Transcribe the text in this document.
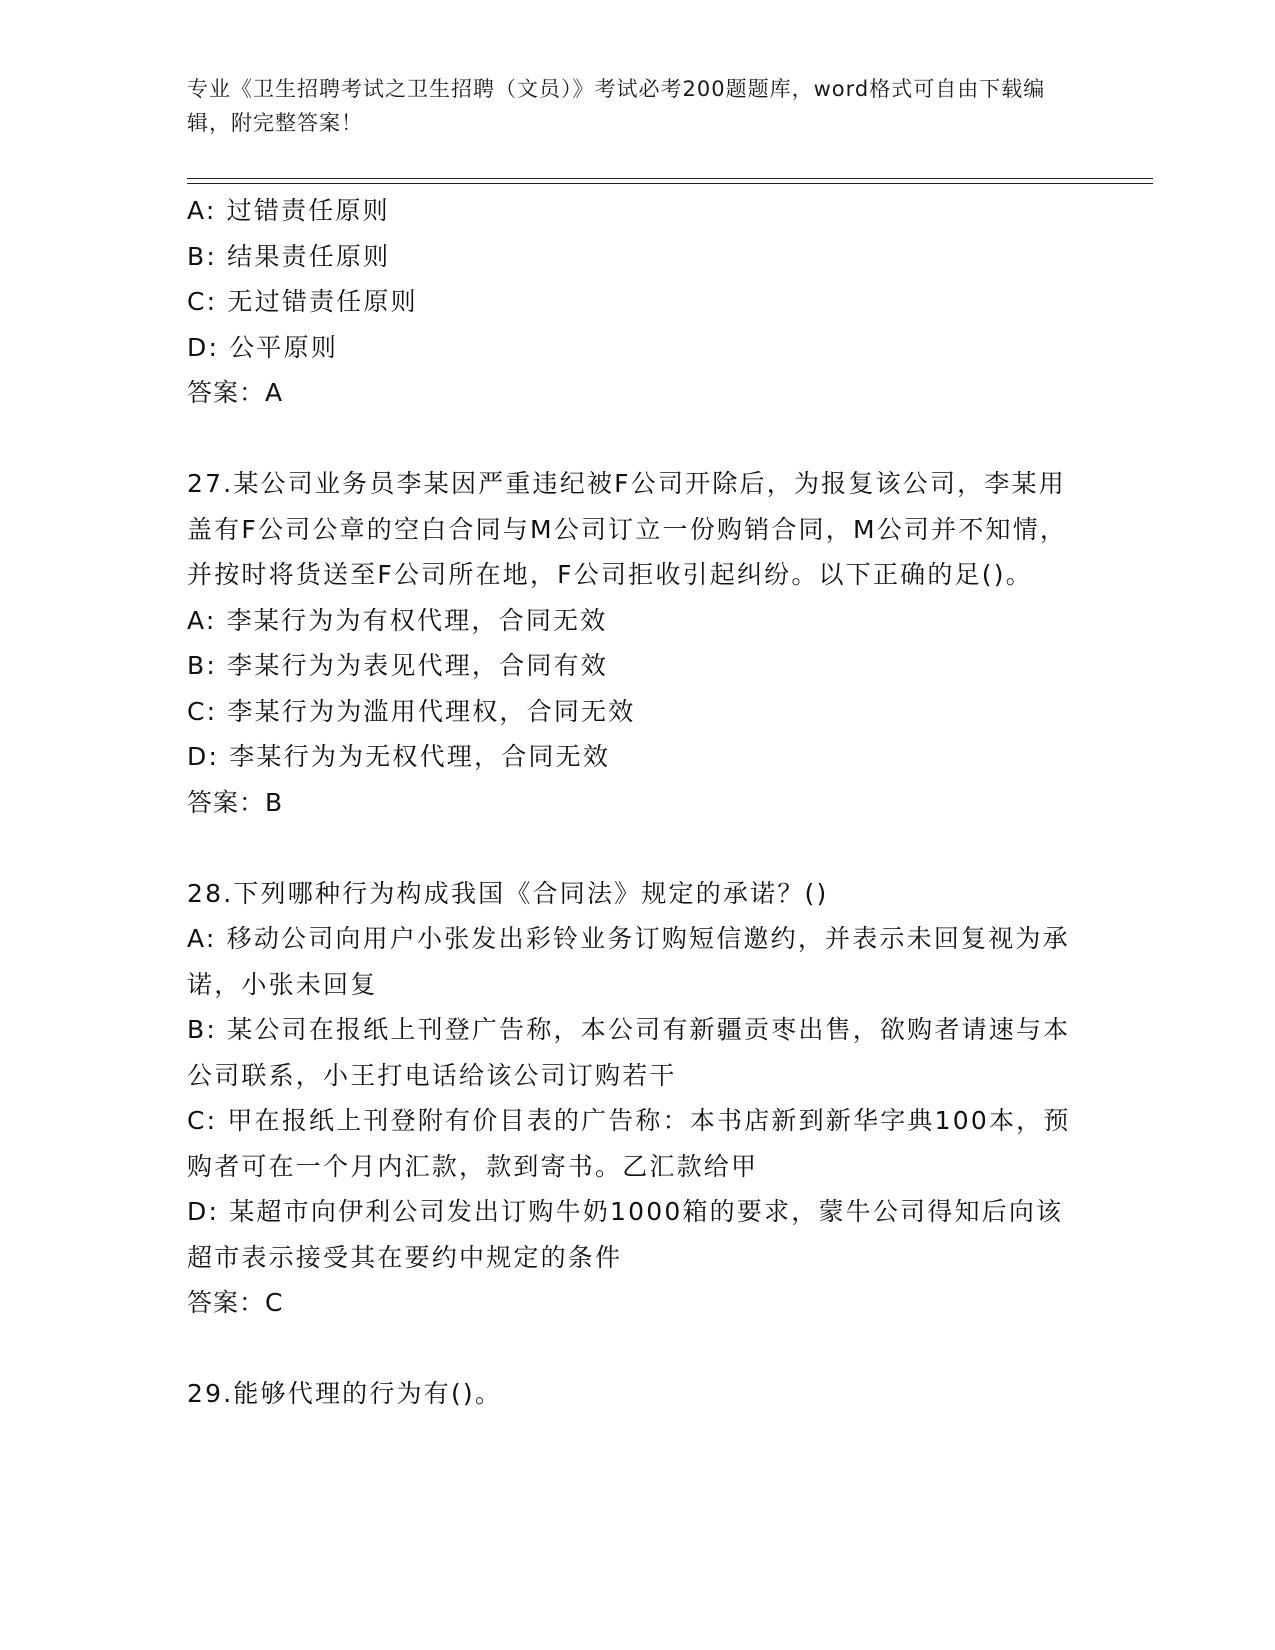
专业《卫生招聘考试之卫生招聘（文员）》考试必考200题题库，word格式可自由下载编辑，附完整答案！
A: 过错责任原则
B: 结果责任原则
C: 无过错责任原则
D: 公平原则
答案：A
27.某公司业务员李某因严重违纪被F公司开除后，为报复该公司，李某用盖有F公司公章的空白合同与M公司订立一份购销合同，M公司并不知情，并按时将货送至F公司所在地，F公司拒收引起纠纷。以下正确的足()。
A: 李某行为为有权代理，合同无效
B: 李某行为为表见代理，合同有效
C: 李某行为为滥用代理权，合同无效
D: 李某行为为无权代理，合同无效
答案：B
28.下列哪种行为构成我国《合同法》规定的承诺？()
A: 移动公司向用户小张发出彩铃业务订购短信邀约，并表示未回复视为承诺，小张未回复
B: 某公司在报纸上刊登广告称，本公司有新疆贡枣出售，欲购者请速与本公司联系，小王打电话给该公司订购若干
C: 甲在报纸上刊登附有价目表的广告称：本书店新到新华字典100本，预购者可在一个月内汇款，款到寄书。乙汇款给甲
D: 某超市向伊利公司发出订购牛奶1000箱的要求，蒙牛公司得知后向该超市表示接受其在要约中规定的条件
答案：C
29.能够代理的行为有()。
